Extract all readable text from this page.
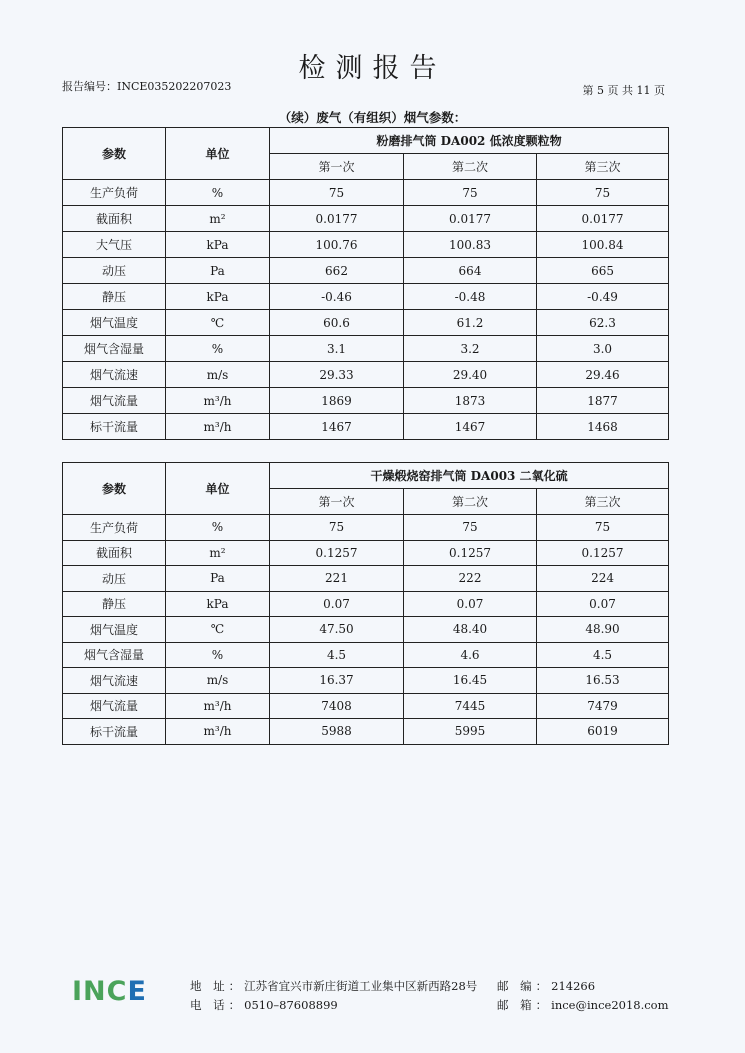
检测报告
报告编号：INCE035202207023	第 5 页 共 11 页
（续）废气（有组织）烟气参数：
参数	单位	粉磨排气筒 DA002 低浓度颗粒物		
		第一次	第二次	第三次
生产负荷	%	75	75	75
截面积	m²	0.0177	0.0177	0.0177
大气压	kPa	100.76	100.83	100.84
动压	Pa	662	664	665
静压	kPa	-0.46	-0.48	-0.49
烟气温度	℃	60.6	61.2	62.3
烟气含湿量	%	3.1	3.2	3.0
烟气流速	m/s	29.33	29.40	29.46
烟气流量	m³/h	1869	1873	1877
标干流量	m³/h	1467	1467	1468
参数	单位	干燥煅烧窑排气筒 DA003 二氧化硫		
		第一次	第二次	第三次
生产负荷	%	75	75	75
截面积	m²	0.1257	0.1257	0.1257
动压	Pa	221	222	224
静压	kPa	0.07	0.07	0.07
烟气温度	℃	47.50	48.40	48.90
烟气含湿量	%	4.5	4.6	4.5
烟气流速	m/s	16.37	16.45	16.53
烟气流量	m³/h	7408	7445	7479
标干流量	m³/h	5988	5995	6019
INCE	地 址：江苏省宜兴市新庄街道工业集中区新西路28号 邮 编：214266
电 话：0510–87608899	邮 箱：ince@ince2018.com
